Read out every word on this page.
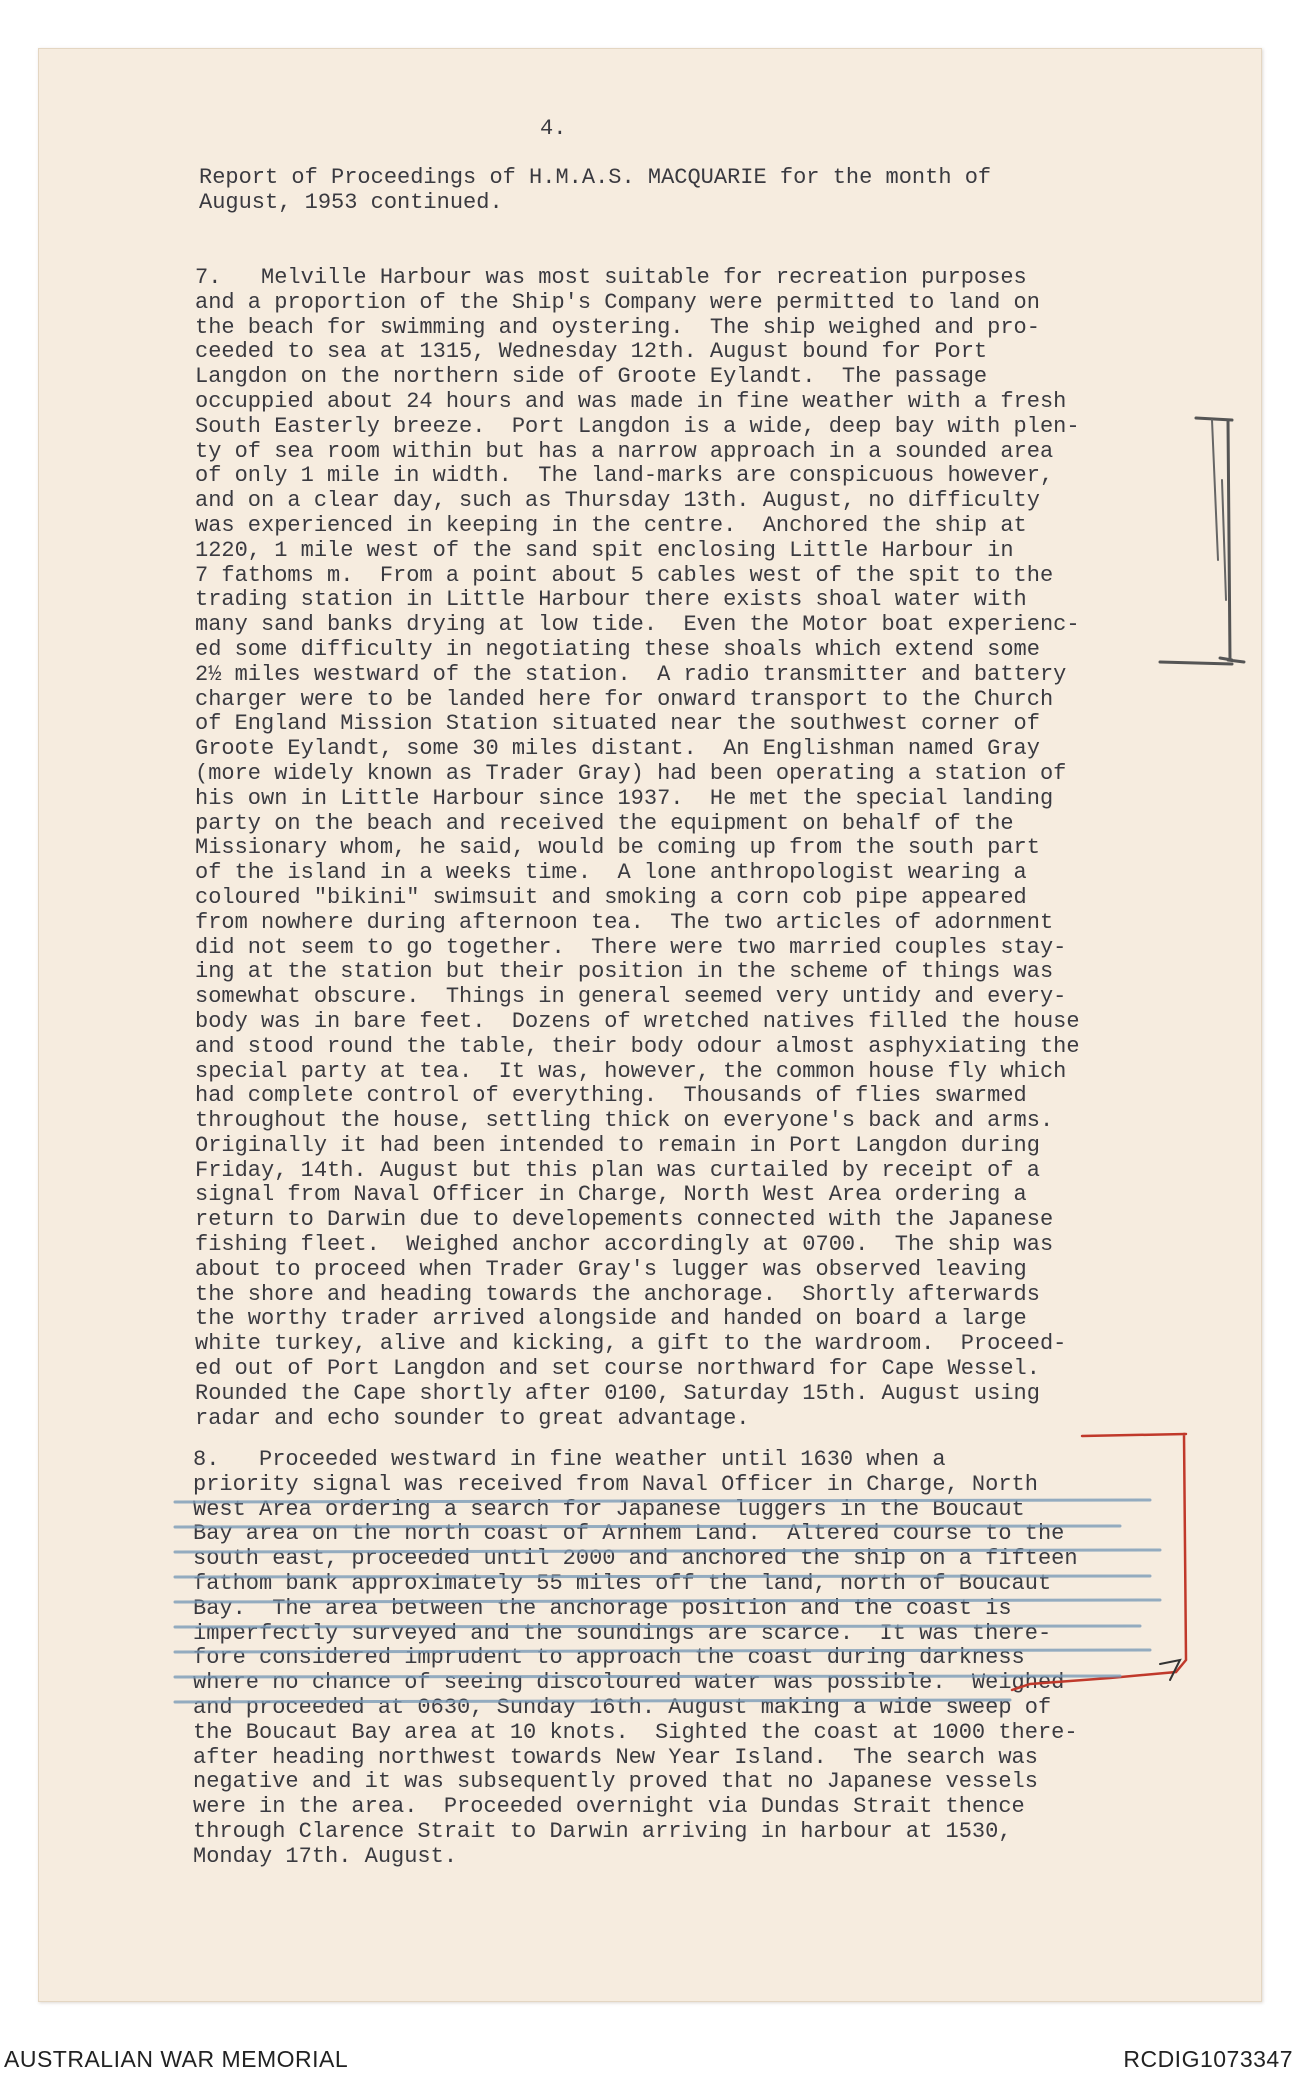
4.
Report of Proceedings of H.M.A.S. MACQUARIE for the month of
August, 1953 continued.
7.   Melville Harbour was most suitable for recreation purposes
and a proportion of the Ship's Company were permitted to land on
the beach for swimming and oystering.  The ship weighed and pro-
ceeded to sea at 1315, Wednesday 12th. August bound for Port
Langdon on the northern side of Groote Eylandt.  The passage
occuppied about 24 hours and was made in fine weather with a fresh
South Easterly breeze.  Port Langdon is a wide, deep bay with plen-
ty of sea room within but has a narrow approach in a sounded area
of only 1 mile in width.  The land-marks are conspicuous however,
and on a clear day, such as Thursday 13th. August, no difficulty
was experienced in keeping in the centre.  Anchored the ship at
1220, 1 mile west of the sand spit enclosing Little Harbour in
7 fathoms m.  From a point about 5 cables west of the spit to the
trading station in Little Harbour there exists shoal water with
many sand banks drying at low tide.  Even the Motor boat experienc-
ed some difficulty in negotiating these shoals which extend some
2½ miles westward of the station.  A radio transmitter and battery
charger were to be landed here for onward transport to the Church
of England Mission Station situated near the southwest corner of
Groote Eylandt, some 30 miles distant.  An Englishman named Gray
(more widely known as Trader Gray) had been operating a station of
his own in Little Harbour since 1937.  He met the special landing
party on the beach and received the equipment on behalf of the
Missionary whom, he said, would be coming up from the south part
of the island in a weeks time.  A lone anthropologist wearing a
coloured "bikini" swimsuit and smoking a corn cob pipe appeared
from nowhere during afternoon tea.  The two articles of adornment
did not seem to go together.  There were two married couples stay-
ing at the station but their position in the scheme of things was
somewhat obscure.  Things in general seemed very untidy and every-
body was in bare feet.  Dozens of wretched natives filled the house
and stood round the table, their body odour almost asphyxiating the
special party at tea.  It was, however, the common house fly which
had complete control of everything.  Thousands of flies swarmed
throughout the house, settling thick on everyone's back and arms.
Originally it had been intended to remain in Port Langdon during
Friday, 14th. August but this plan was curtailed by receipt of a
signal from Naval Officer in Charge, North West Area ordering a
return to Darwin due to developements connected with the Japanese
fishing fleet.  Weighed anchor accordingly at 0700.  The ship was
about to proceed when Trader Gray's lugger was observed leaving
the shore and heading towards the anchorage.  Shortly afterwards
the worthy trader arrived alongside and handed on board a large
white turkey, alive and kicking, a gift to the wardroom.  Proceed-
ed out of Port Langdon and set course northward for Cape Wessel.
Rounded the Cape shortly after 0100, Saturday 15th. August using
radar and echo sounder to great advantage.
8.   Proceeded westward in fine weather until 1630 when a
priority signal was received from Naval Officer in Charge, North
West Area ordering a search for Japanese luggers in the Boucaut
Bay area on the north coast of Arnhem Land.  Altered course to the
south east, proceeded until 2000 and anchored the ship on a fifteen
fathom bank approximately 55 miles off the land, north of Boucaut
Bay.  The area between the anchorage position and the coast is
imperfectly surveyed and the soundings are scarce.  It was there-
fore considered imprudent to approach the coast during darkness
where no chance of seeing discoloured water was possible.  Weighed
and proceeded at 0630, Sunday 16th. August making a wide sweep of
the Boucaut Bay area at 10 knots.  Sighted the coast at 1000 there-
after heading northwest towards New Year Island.  The search was
negative and it was subsequently proved that no Japanese vessels
were in the area.  Proceeded overnight via Dundas Strait thence
through Clarence Strait to Darwin arriving in harbour at 1530,
Monday 17th. August.
AUSTRALIAN WAR MEMORIAL	RCDIG1073347
